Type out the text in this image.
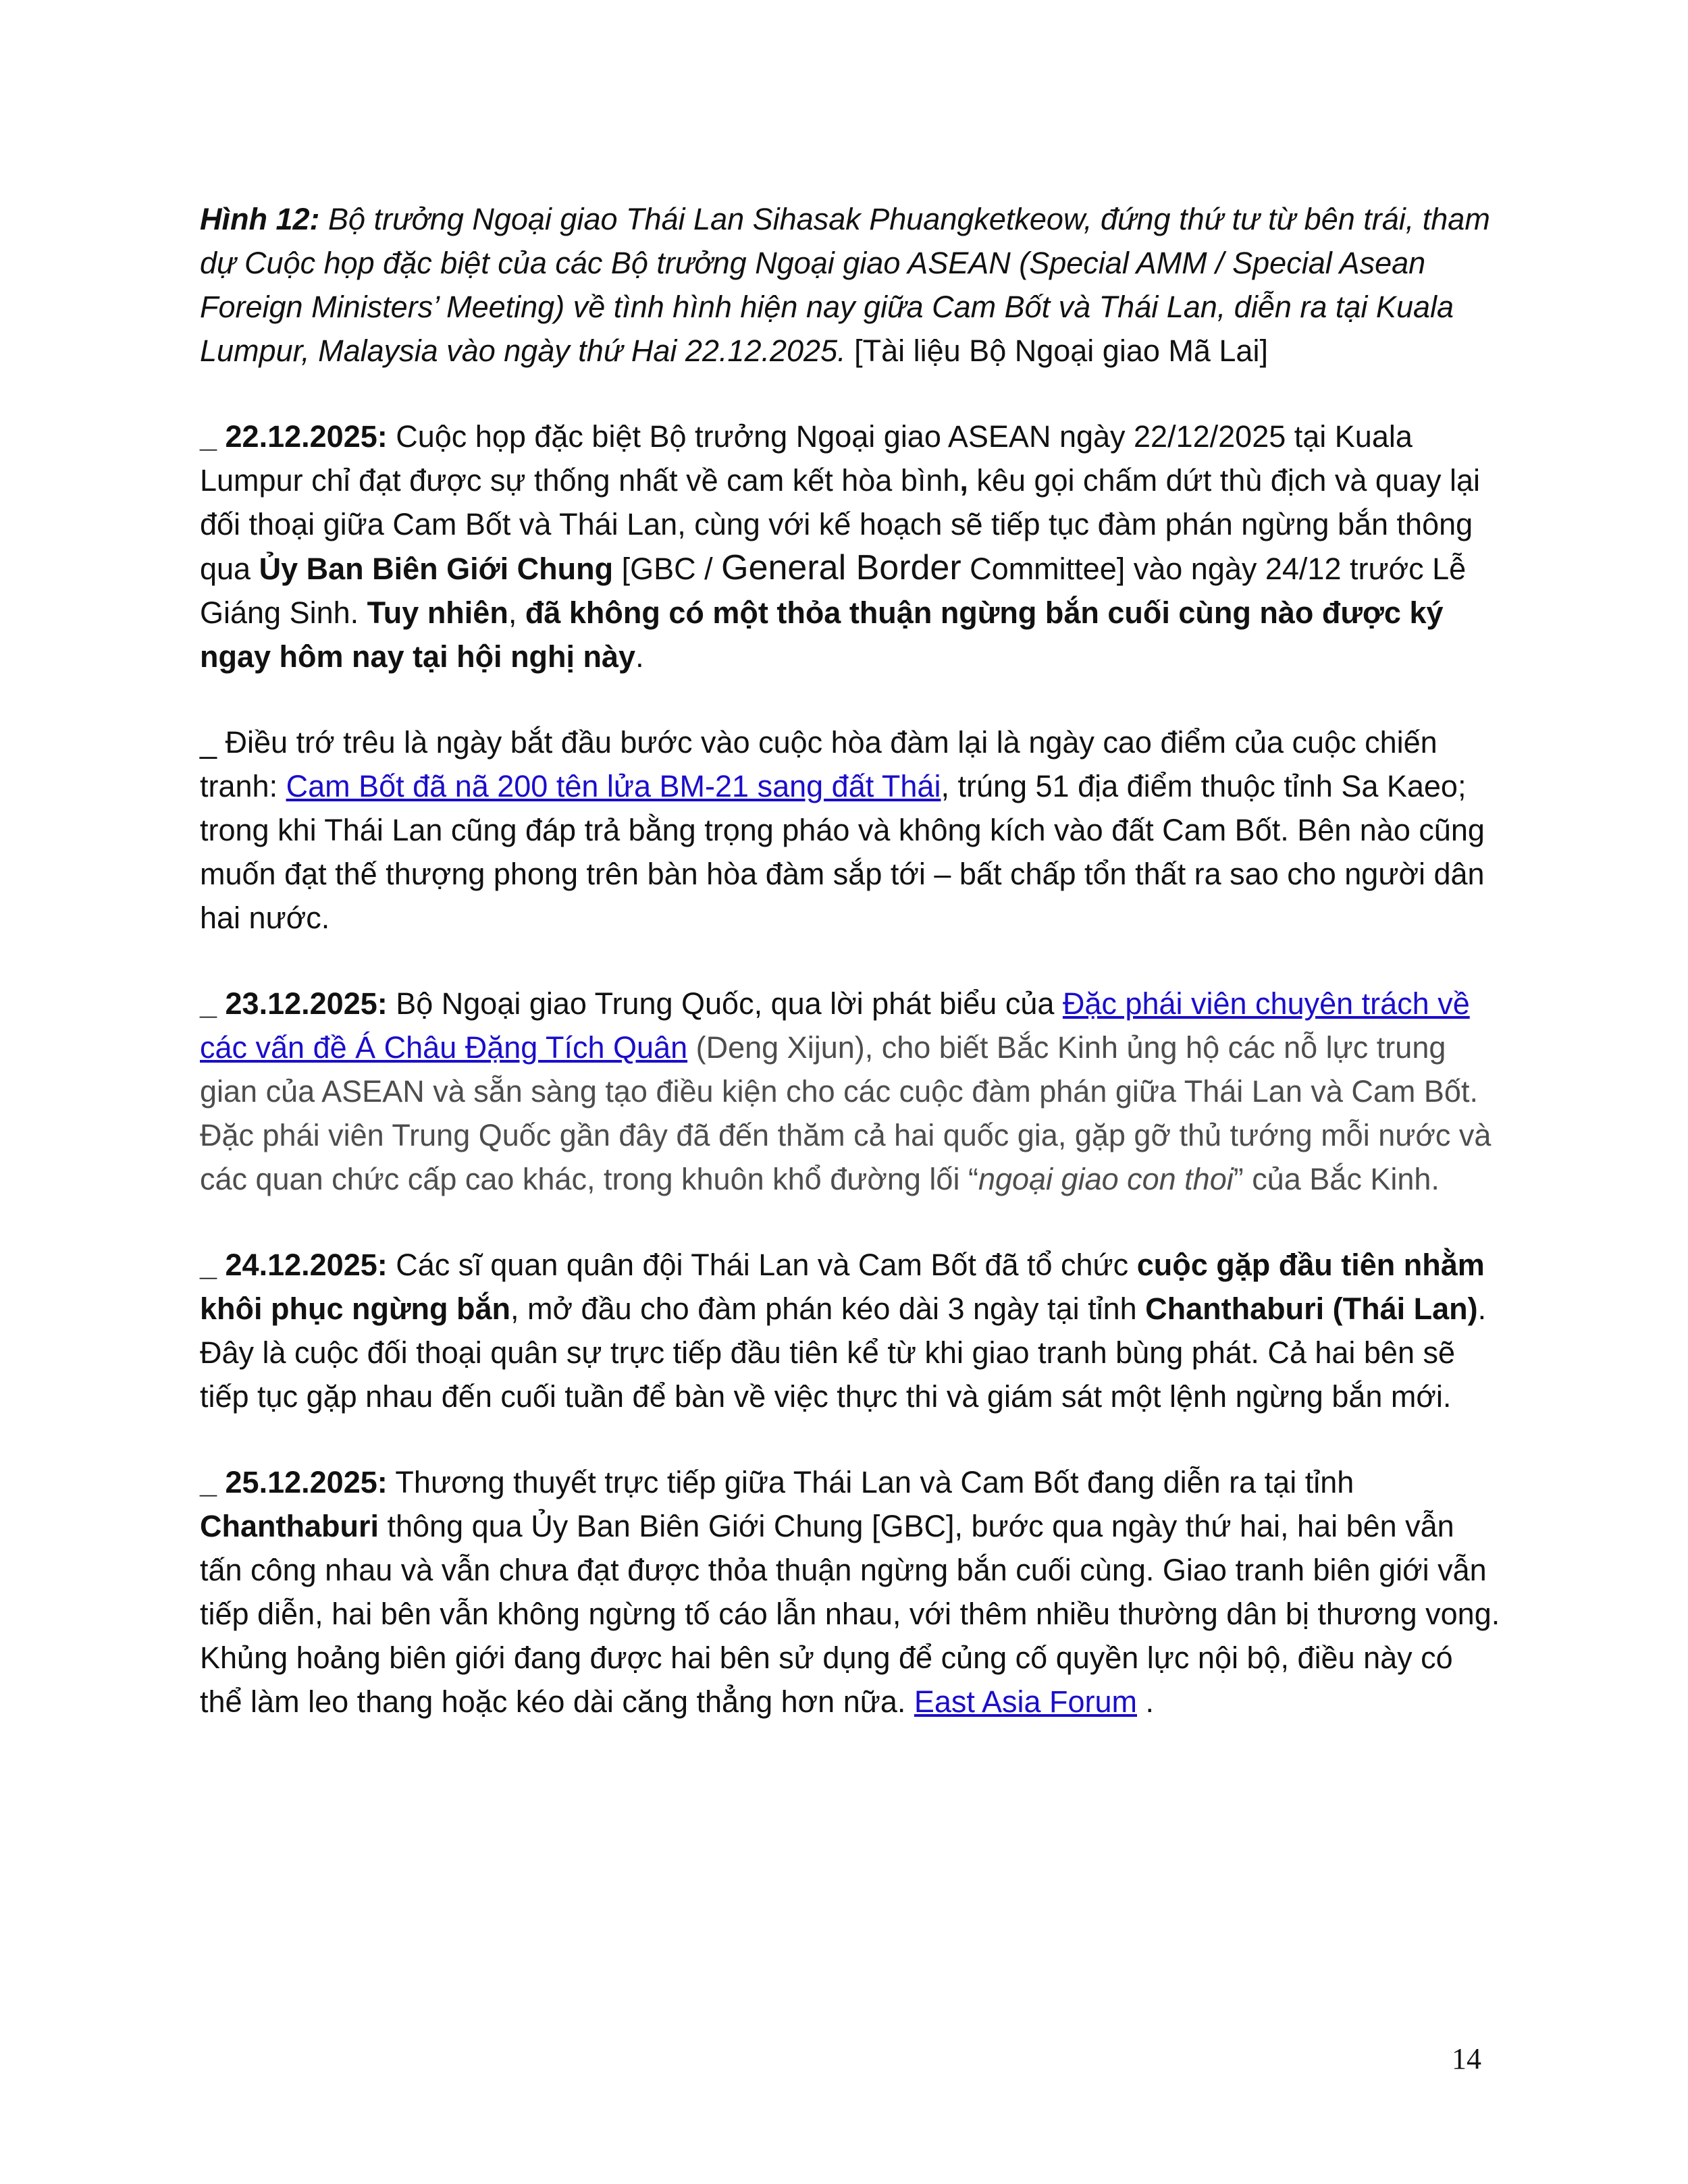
Hình 12: Bộ trưởng Ngoại giao Thái Lan Sihasak Phuangketkeow, đứng thứ tư từ bên trái, tham dự Cuộc họp đặc biệt của các Bộ trưởng Ngoại giao ASEAN (Special AMM / Special Asean Foreign Ministers’ Meeting) về tình hình hiện nay giữa Cam Bốt và Thái Lan, diễn ra tại Kuala Lumpur, Malaysia vào ngày thứ Hai 22.12.2025. [Tài liệu Bộ Ngoại giao Mã Lai]

_ 22.12.2025: Cuộc họp đặc biệt Bộ trưởng Ngoại giao ASEAN ngày 22/12/2025 tại Kuala Lumpur chỉ đạt được sự thống nhất về cam kết hòa bình, kêu gọi chấm dứt thù địch và quay lại đối thoại giữa Cam Bốt và Thái Lan, cùng với kế hoạch sẽ tiếp tục đàm phán ngừng bắn thông qua Ủy Ban Biên Giới Chung [GBC / General Border Committee] vào ngày 24/12 trước Lễ Giáng Sinh. Tuy nhiên, đã không có một thỏa thuận ngừng bắn cuối cùng nào được ký ngay hôm nay tại hội nghị này.

_ Điều trớ trêu là ngày bắt đầu bước vào cuộc hòa đàm lại là ngày cao điểm của cuộc chiến tranh: Cam Bốt đã nã 200 tên lửa BM-21 sang đất Thái, trúng 51 địa điểm thuộc tỉnh Sa Kaeo; trong khi Thái Lan cũng đáp trả bằng trọng pháo và không kích vào đất Cam Bốt. Bên nào cũng muốn đạt thế thượng phong trên bàn hòa đàm sắp tới – bất chấp tổn thất ra sao cho người dân hai nước.

_ 23.12.2025: Bộ Ngoại giao Trung Quốc, qua lời phát biểu của Đặc phái viên chuyên trách về các vấn đề Á Châu Đặng Tích Quân (Deng Xijun), cho biết Bắc Kinh ủng hộ các nỗ lực trung gian của ASEAN và sẵn sàng tạo điều kiện cho các cuộc đàm phán giữa Thái Lan và Cam Bốt. Đặc phái viên Trung Quốc gần đây đã đến thăm cả hai quốc gia, gặp gỡ thủ tướng mỗi nước và các quan chức cấp cao khác, trong khuôn khổ đường lối “ngoại giao con thoi” của Bắc Kinh.

_ 24.12.2025: Các sĩ quan quân đội Thái Lan và Cam Bốt đã tổ chức cuộc gặp đầu tiên nhằm khôi phục ngừng bắn, mở đầu cho đàm phán kéo dài 3 ngày tại tỉnh Chanthaburi (Thái Lan). Đây là cuộc đối thoại quân sự trực tiếp đầu tiên kể từ khi giao tranh bùng phát. Cả hai bên sẽ tiếp tục gặp nhau đến cuối tuần để bàn về việc thực thi và giám sát một lệnh ngừng bắn mới.

_ 25.12.2025: Thương thuyết trực tiếp giữa Thái Lan và Cam Bốt đang diễn ra tại tỉnh Chanthaburi thông qua Ủy Ban Biên Giới Chung [GBC], bước qua ngày thứ hai, hai bên vẫn tấn công nhau và vẫn chưa đạt được thỏa thuận ngừng bắn cuối cùng. Giao tranh biên giới vẫn tiếp diễn, hai bên vẫn không ngừng tố cáo lẫn nhau, với thêm nhiều thường dân bị thương vong. Khủng hoảng biên giới đang được hai bên sử dụng để củng cố quyền lực nội bộ, điều này có thể làm leo thang hoặc kéo dài căng thẳng hơn nữa. East Asia Forum .

14
